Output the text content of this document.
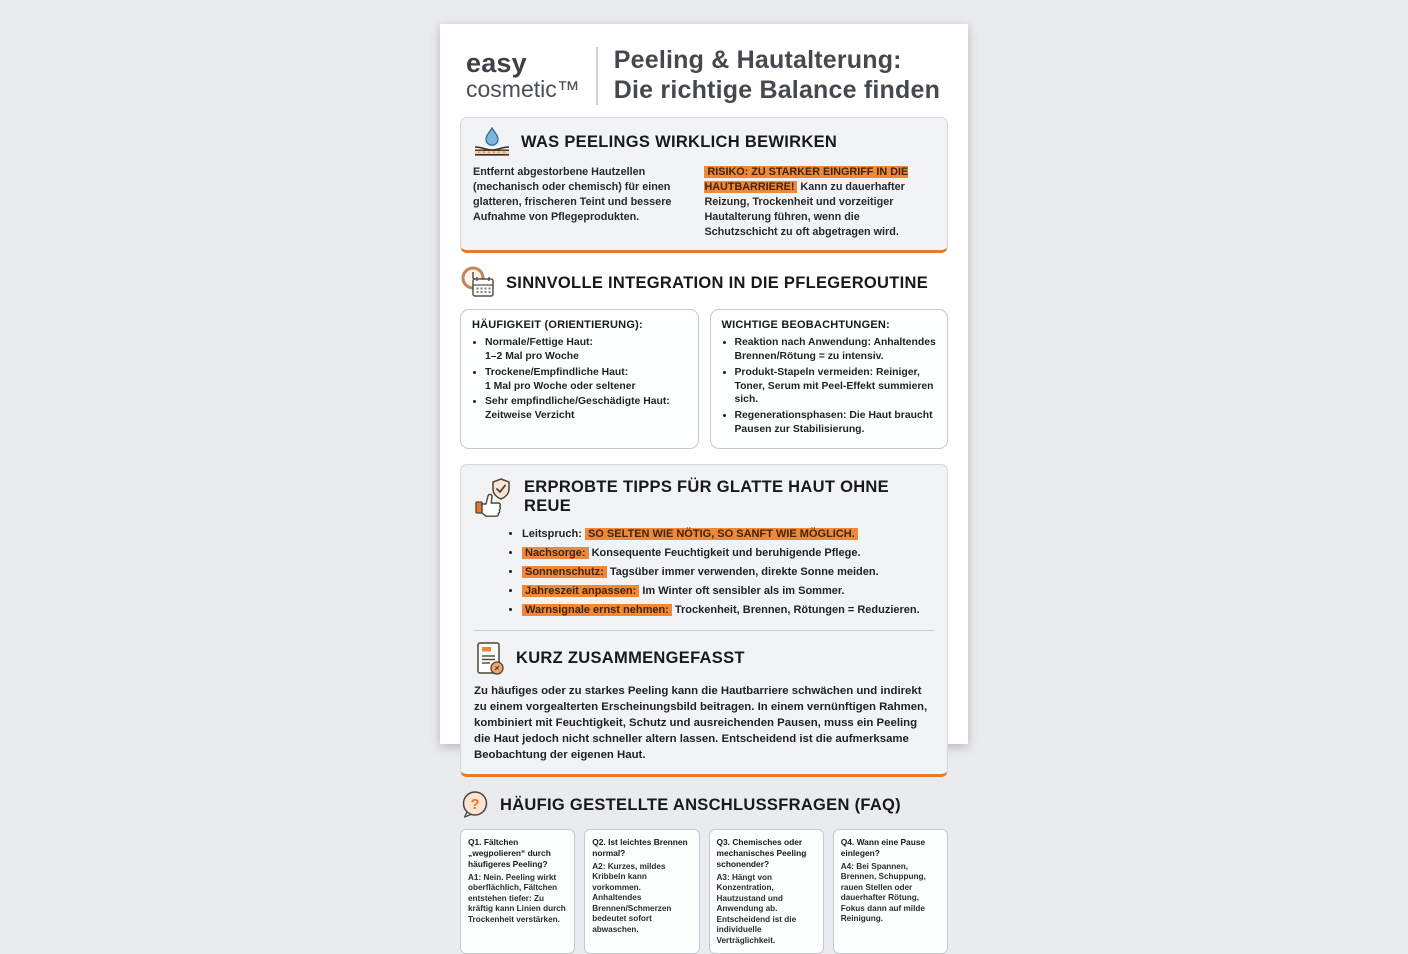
easy
cosmetic™
Peeling & Hautalterung:
Die richtige Balance finden
WAS PEELINGS WIRKLICH BEWIRKEN
Entfernt abgestorbene Hautzellen (mechanisch oder chemisch) für einen glatteren, frischeren Teint und bessere Aufnahme von Pflegeprodukten.
RISIKO: ZU STARKER EINGRIFF IN DIE HAUTBARRIERE! Kann zu dauerhafter Reizung, Trockenheit und vorzeitiger Hautalterung führen, wenn die Schutzschicht zu oft abgetragen wird.
SINNVOLLE INTEGRATION IN DIE PFLEGEROUTINE
HÄUFIGKEIT (ORIENTIERUNG):
• Normale/Fettige Haut:
1–2 Mal pro Woche
• Trockene/Empfindliche Haut:
1 Mal pro Woche oder seltener
• Sehr empfindliche/Geschädigte Haut:
Zeitweise Verzicht
WICHTIGE BEOBACHTUNGEN:
• Reaktion nach Anwendung: Anhaltendes Brennen/Rötung = zu intensiv.
• Produkt-Stapeln vermeiden: Reiniger, Toner, Serum mit Peel-Effekt summieren sich.
• Regenerationsphasen: Die Haut braucht Pausen zur Stabilisierung.
ERPROBTE TIPPS FÜR GLATTE HAUT OHNE REUE
• Leitspruch: SO SELTEN WIE NÖTIG, SO SANFT WIE MÖGLICH.
• Nachsorge: Konsequente Feuchtigkeit und beruhigende Pflege.
• Sonnenschutz: Tagsüber immer verwenden, direkte Sonne meiden.
• Jahreszeit anpassen: Im Winter oft sensibler als im Sommer.
• Warnsignale ernst nehmen: Trockenheit, Brennen, Rötungen = Reduzieren.
KURZ ZUSAMMENGEFASST
Zu häufiges oder zu starkes Peeling kann die Hautbarriere schwächen und indirekt zu einem vorgealterten Erscheinungsbild beitragen. In einem vernünftigen Rahmen, kombiniert mit Feuchtigkeit, Schutz und ausreichenden Pausen, muss ein Peeling die Haut jedoch nicht schneller altern lassen. Entscheidend ist die aufmerksame Beobachtung der eigenen Haut.
? HÄUFIG GESTELLTE ANSCHLUSSFRAGEN (FAQ)
Q1. Fältchen „wegpolieren“ durch häufigeres Peeling?
A1: Nein. Peeling wirkt oberflächlich, Fältchen entstehen tiefer: Zu kräftig kann Linien durch Trockenheit verstärken.
Q2. Ist leichtes Brennen normal?
A2: Kurzes, mildes Kribbeln kann vorkommen. Anhaltendes Brennen/Schmerzen bedeutet sofort abwaschen.
Q3. Chemisches oder mechanisches Peeling schonender?
A3: Hängt von Konzentration, Hautzustand und Anwendung ab. Entscheidend ist die individuelle Verträglichkeit.
Q4. Wann eine Pause einlegen?
A4: Bei Spannen, Brennen, Schuppung, rauen Stellen oder dauerhafter Rötung, Fokus dann auf milde Reinigung.
